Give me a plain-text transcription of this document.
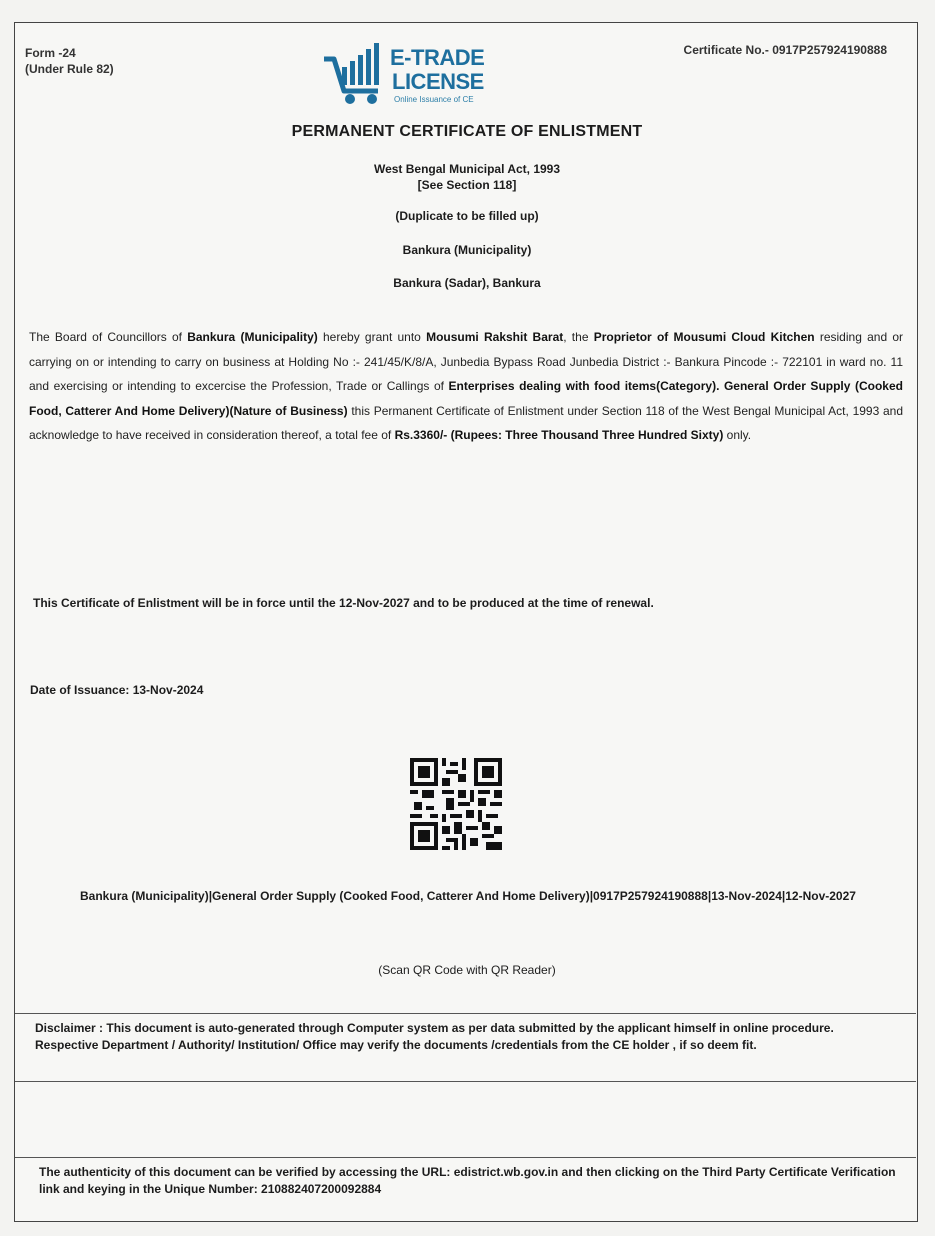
Form -24
(Under Rule 82)	E-TRADE
LICENSE
Online Issuance of CE
Certificate No.- 0917P257924190888
PERMANENT CERTIFICATE OF ENLISTMENT
West Bengal Municipal Act, 1993
[See Section 118]
(Duplicate to be filled up)
Bankura (Municipality)
Bankura (Sadar), Bankura
The Board of Councillors of Bankura (Municipality) hereby grant unto Mousumi Rakshit Barat, the Proprietor of Mousumi Cloud Kitchen residing and or carrying on or intending to carry on business at Holding No :- 241/45/K/8/A, Junbedia Bypass Road Junbedia District :- Bankura Pincode :- 722101 in ward no. 11 and exercising or intending to excercise the Profession, Trade or Callings of Enterprises dealing with food items(Category). General Order Supply (Cooked Food, Catterer And Home Delivery)(Nature of Business) this Permanent Certificate of Enlistment under Section 118 of the West Bengal Municipal Act, 1993 and acknowledge to have received in consideration thereof, a total fee of Rs.3360/- (Rupees: Three Thousand Three Hundred Sixty) only.
This Certificate of Enlistment will be in force until the 12-Nov-2027 and to be produced at the time of renewal.
Date of Issuance: 13-Nov-2024
Bankura (Municipality)|General Order Supply (Cooked Food, Catterer And Home Delivery)|0917P257924190888|13-Nov-2024|12-Nov-2027
(Scan QR Code with QR Reader)
Disclaimer : This document is auto-generated through Computer system as per data submitted by the applicant himself in online procedure. Respective Department / Authority/ Institution/ Office may verify the documents /credentials from the CE holder , if so deem fit.
The authenticity of this document can be verified by accessing the URL: edistrict.wb.gov.in and then clicking on the Third Party Certificate Verification link and keying in the Unique Number: 210882407200092884
